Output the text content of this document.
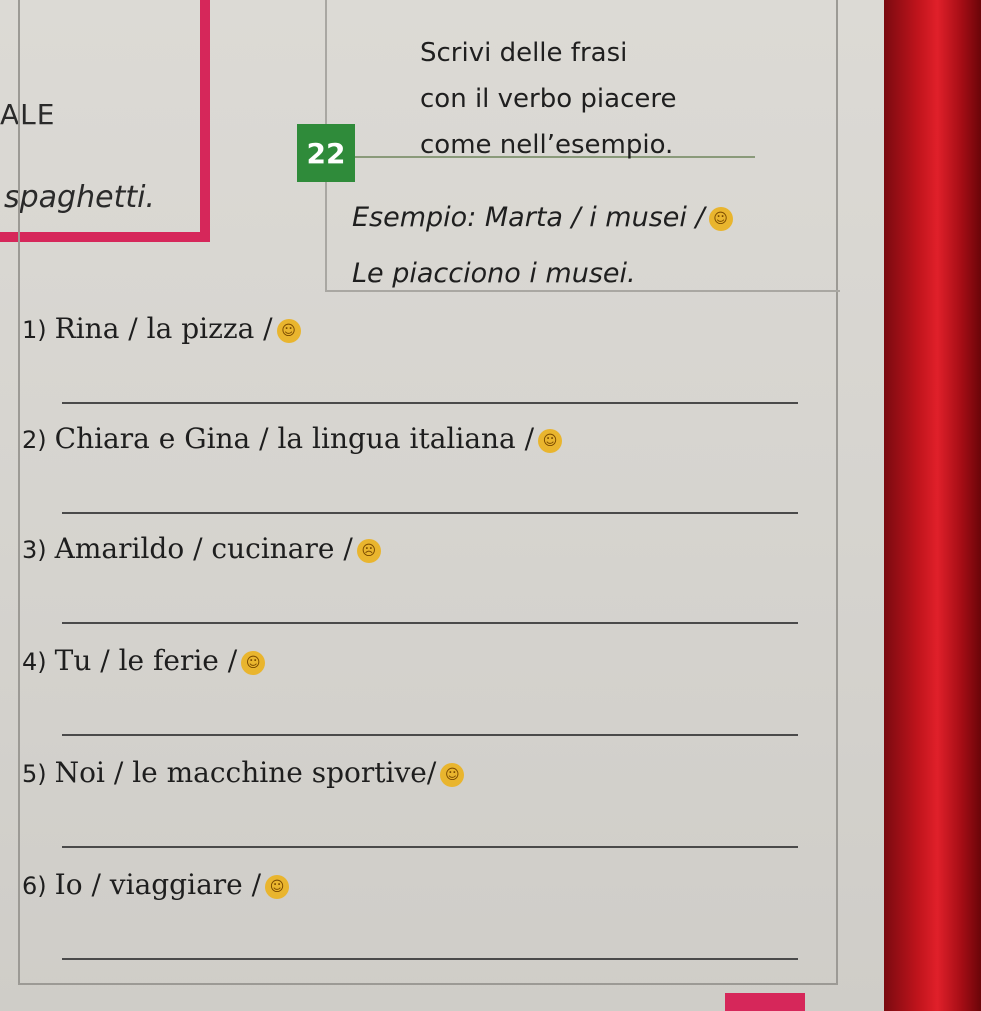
ALE
spaghetti.
22
Scrivi delle frasi
con il verbo piacere
come nell’esempio.
Esempio: Marta / i musei / ☺
Le piacciono i musei.
1) Rina / la pizza / ☺
2) Chiara e Gina / la lingua italiana / ☺
3) Amarildo / cucinare / ☹
4) Tu / le ferie / ☺
5) Noi / le macchine sportive/ ☺
6) Io / viaggiare / ☺
